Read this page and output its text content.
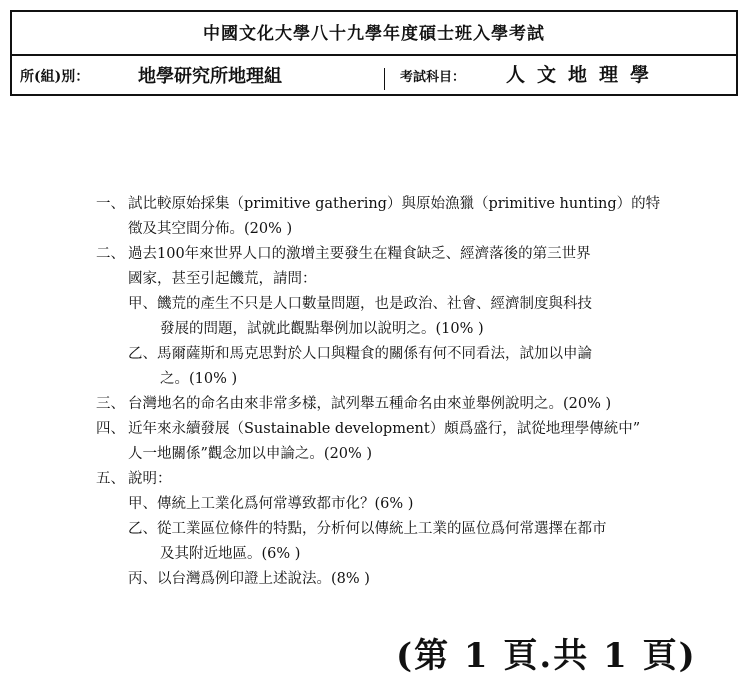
中國文化大學八十九學年度碩士班入學考試
所(組)別：	地學研究所地理組	考試科目： 人文地理學
一、 試比較原始採集（primitive gathering）與原始漁獵（primitive hunting）的特
徵及其空間分佈。(20% )
二、 過去100年來世界人口的激增主要發生在糧食缺乏、經濟落後的第三世界
國家，甚至引起饑荒，請問：
甲、饑荒的產生不只是人口數量問題，也是政治、社會、經濟制度與科技
發展的問題，試就此觀點舉例加以說明之。(10% )
乙、馬爾薩斯和馬克思對於人口與糧食的關係有何不同看法，試加以申論
之。(10% )
三、 台灣地名的命名由來非常多樣，試列舉五種命名由來並舉例說明之。(20% )
四、 近年來永續發展（Sustainable development）頗爲盛行，試從地理學傳統中”
人一地關係”觀念加以申論之。(20% )
五、 說明：
甲、傳統上工業化爲何常導致都市化？(6% )
乙、從工業區位條件的特點，分析何以傳統上工業的區位爲何常選擇在都市
及其附近地區。(6% )
丙、以台灣爲例印證上述說法。(8% )
(第 1 頁.共 1 頁)
